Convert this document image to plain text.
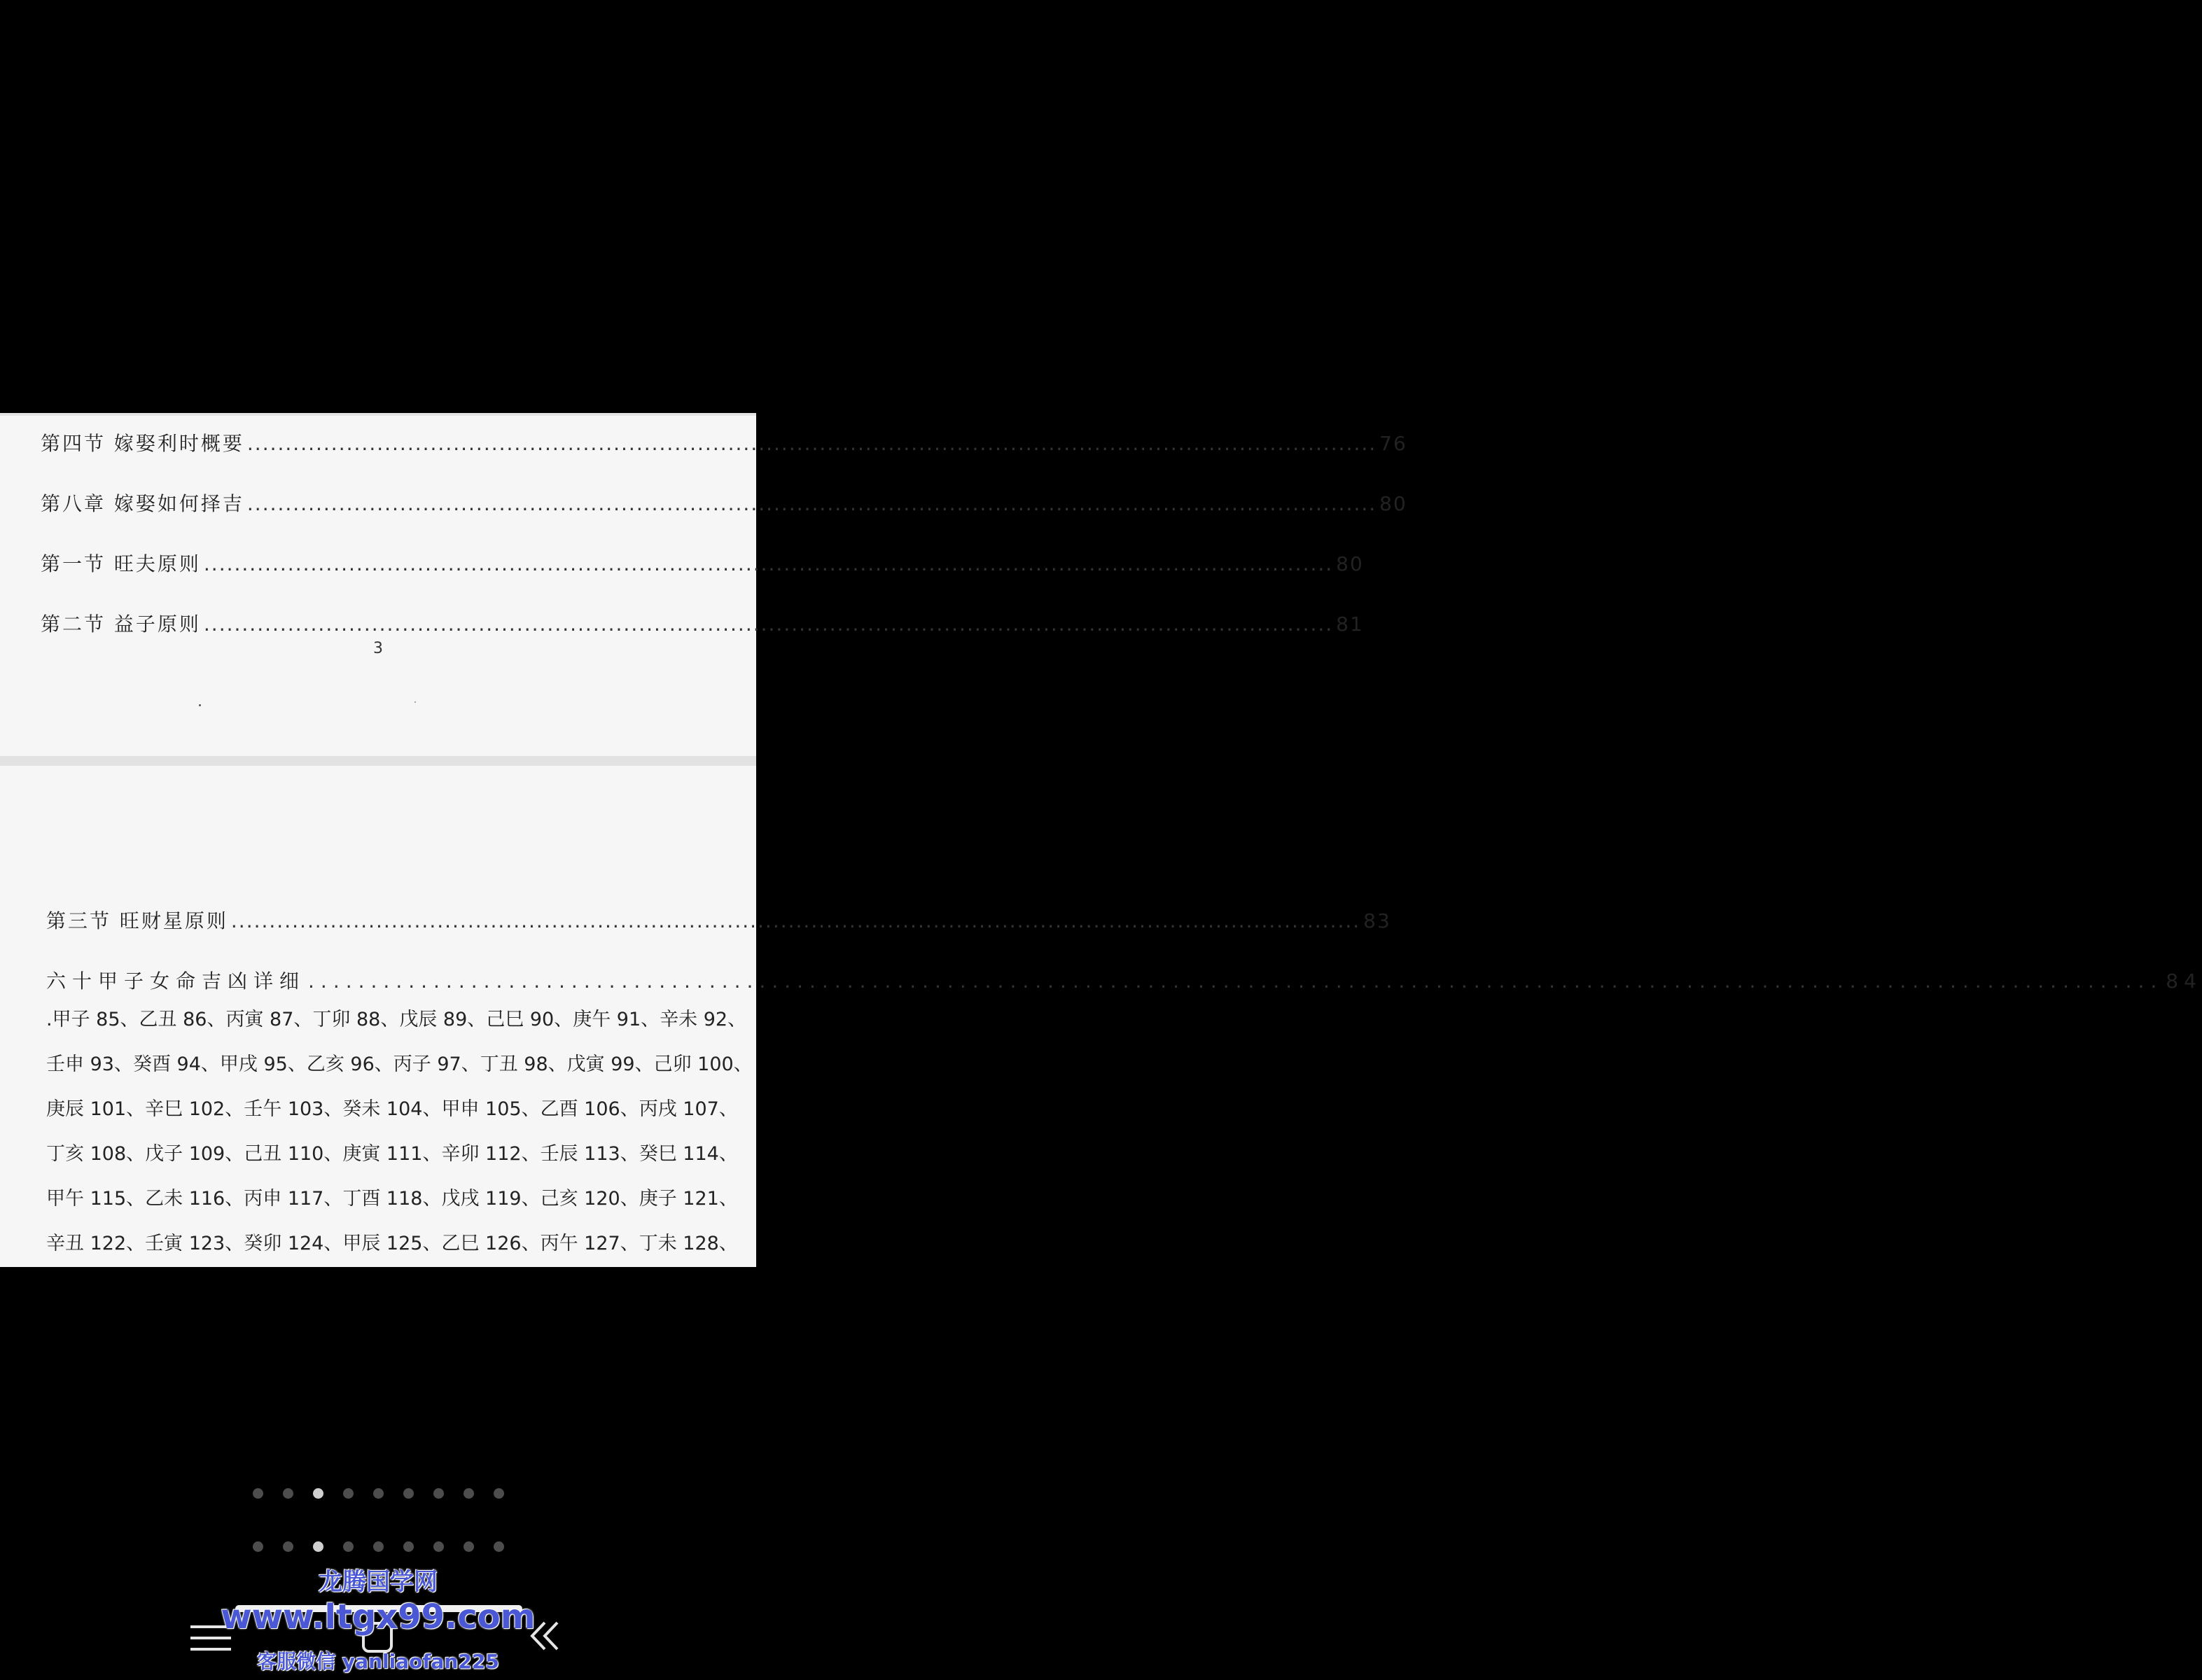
第四节 嫁娶利时概要 .................................................................................................................................................... 76
第八章 嫁娶如何择吉 .................................................................................................................................................... 80
第一节 旺夫原则 .................................................................................................................................................... 80
第二节 益子原则 .................................................................................................................................................... 81
3
第三节 旺财星原则 .................................................................................................................................................... 83
六十甲子女命吉凶详细 .................................................................................................................................................... 84
.甲子 85、乙丑 86、丙寅 87、丁卯 88、戊辰 89、己巳 90、庚午 91、辛未 92、
壬申 93、癸酉 94、甲戌 95、乙亥 96、丙子 97、丁丑 98、戊寅 99、己卯 100、
庚辰 101、辛巳 102、壬午 103、癸未 104、甲申 105、乙酉 106、丙戌 107、
丁亥 108、戊子 109、己丑 110、庚寅 111、辛卯 112、壬辰 113、癸巳 114、
甲午 115、乙未 116、丙申 117、丁酉 118、戊戌 119、己亥 120、庚子 121、
辛丑 122、壬寅 123、癸卯 124、甲辰 125、乙巳 126、丙午 127、丁未 128、
龙腾国学网
www.ltgx99.com
客服微信 yanliaofan225
